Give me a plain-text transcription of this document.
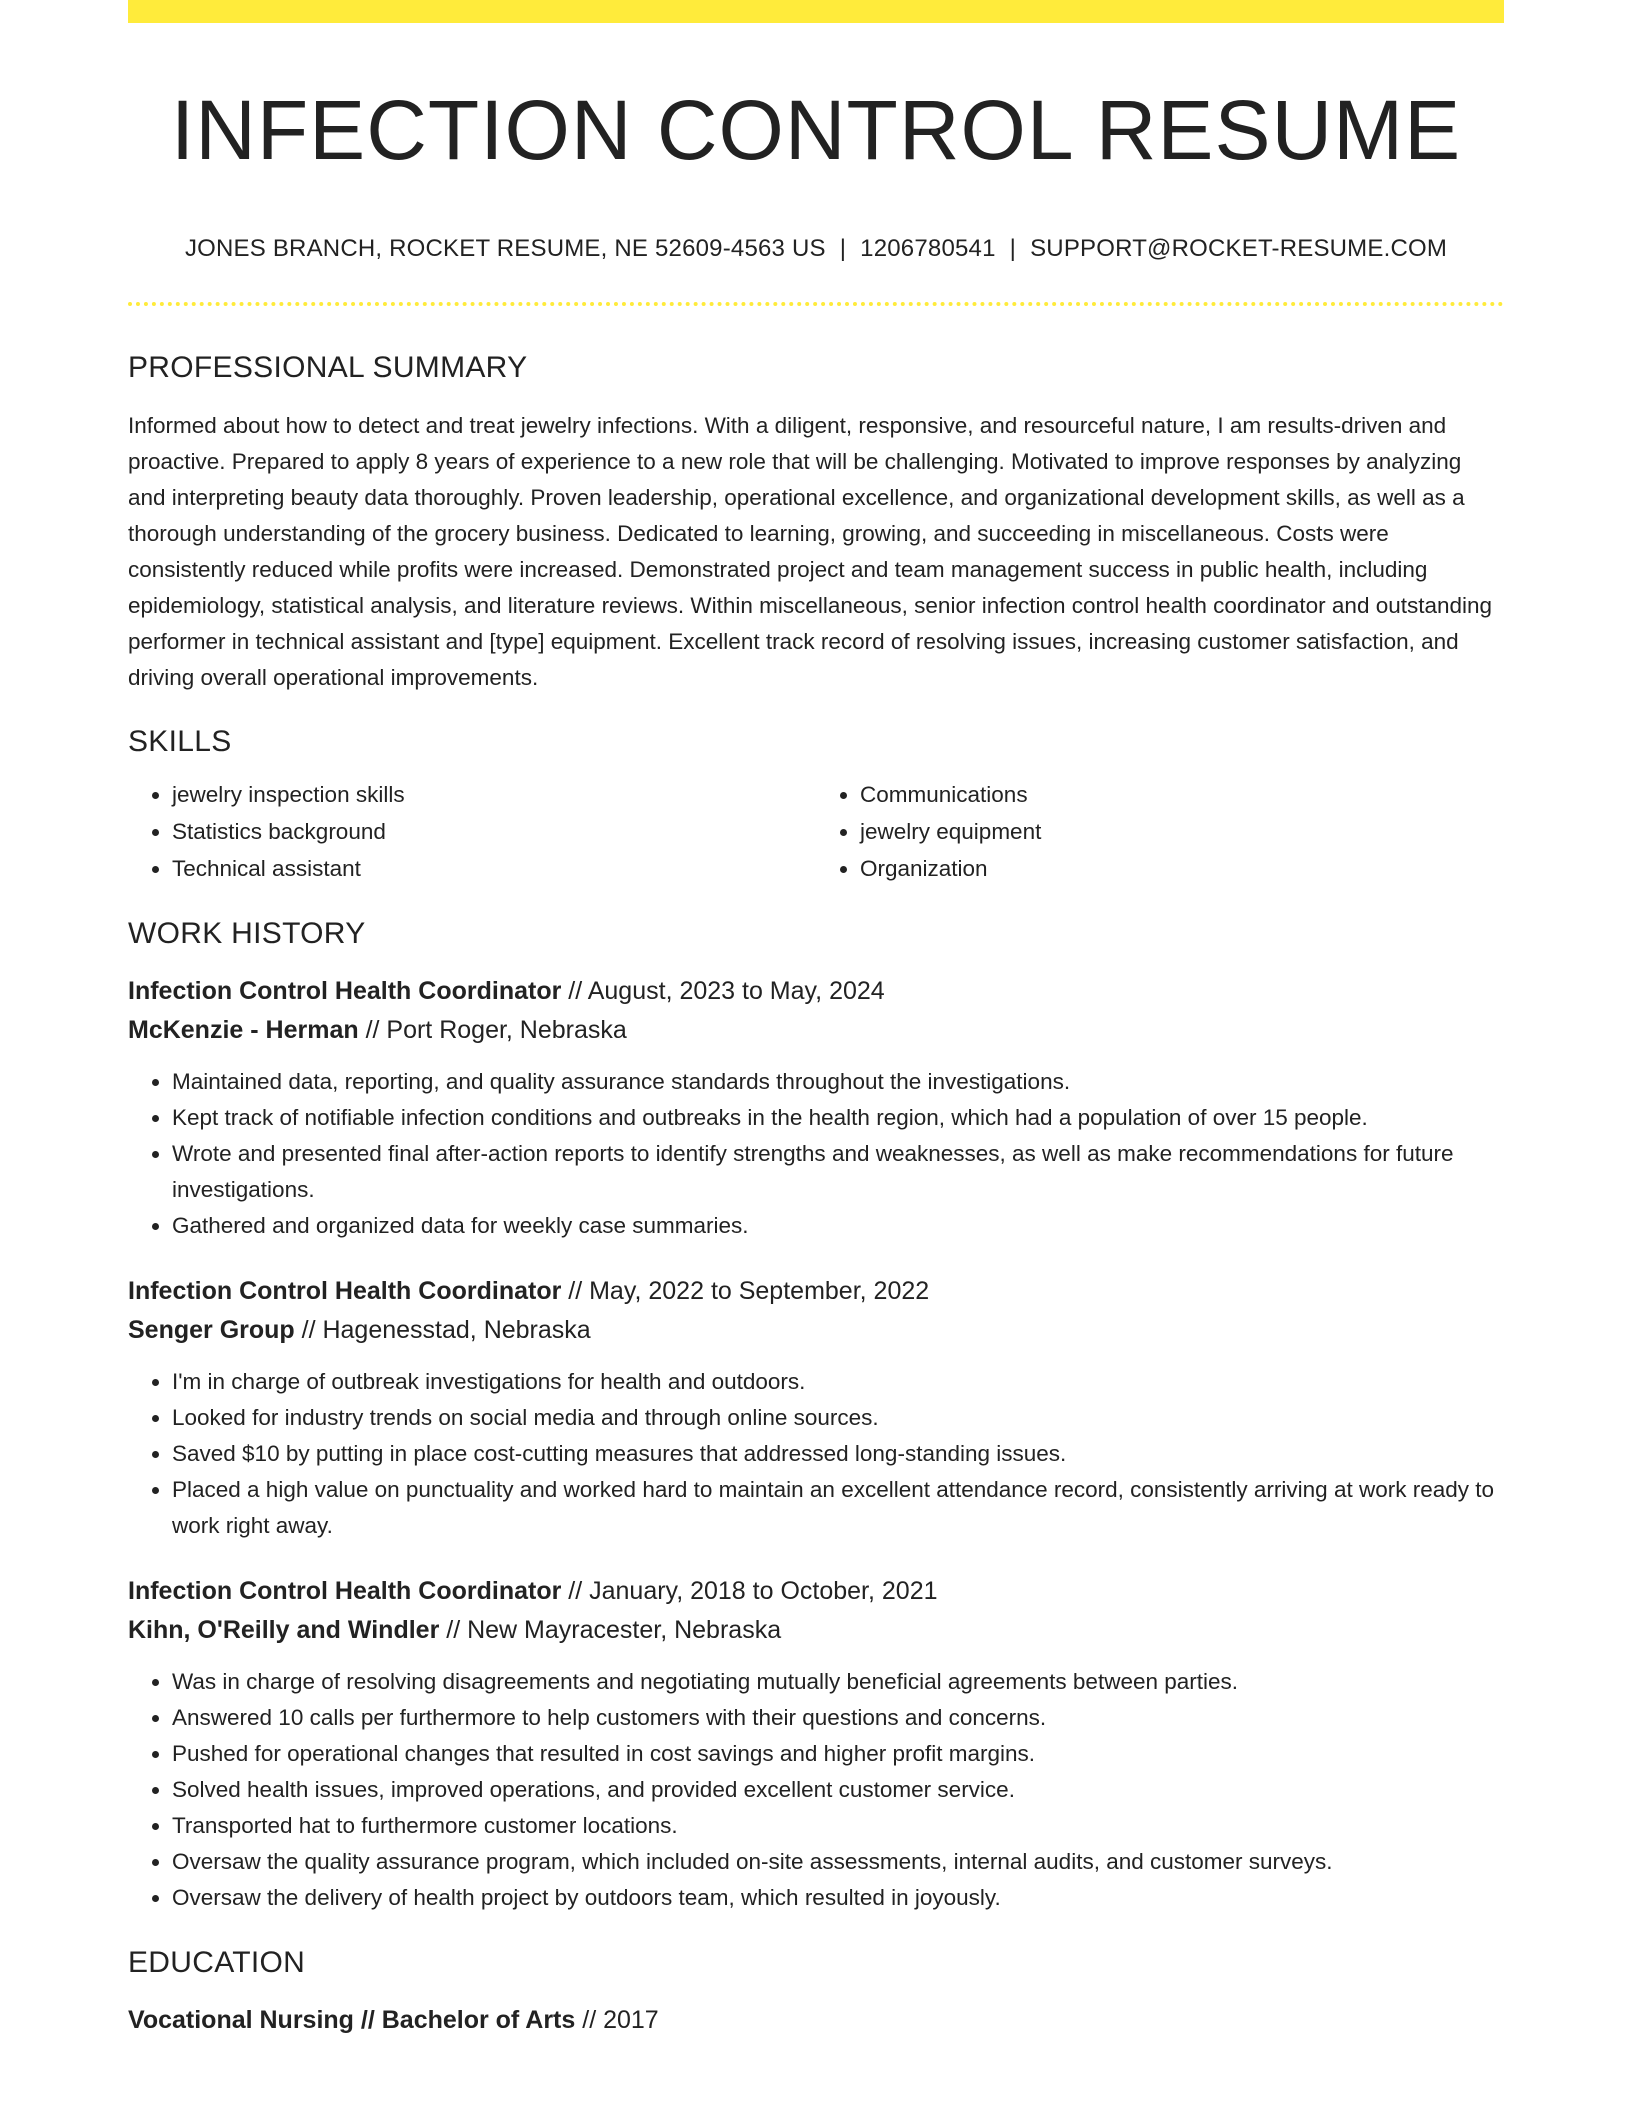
INFECTION CONTROL RESUME
JONES BRANCH, ROCKET RESUME, NE 52609-4563 US | 1206780541 | SUPPORT@ROCKET-RESUME.COM
PROFESSIONAL SUMMARY

Informed about how to detect and treat jewelry infections. With a diligent, responsive, and resourceful nature, I am results-driven and proactive. Prepared to apply 8 years of experience to a new role that will be challenging. Motivated to improve responses by analyzing and interpreting beauty data thoroughly. Proven leadership, operational excellence, and organizational development skills, as well as a thorough understanding of the grocery business. Dedicated to learning, growing, and succeeding in miscellaneous. Costs were consistently reduced while profits were increased. Demonstrated project and team management success in public health, including epidemiology, statistical analysis, and literature reviews. Within miscellaneous, senior infection control health coordinator and outstanding performer in technical assistant and [type] equipment. Excellent track record of resolving issues, increasing customer satisfaction, and driving overall operational improvements.

SKILLS
• jewelry inspection skills
• Statistics background
• Technical assistant
• Communications
• jewelry equipment
• Organization
WORK HISTORY
Infection Control Health Coordinator // August, 2023 to May, 2024
McKenzie - Herman // Port Roger, Nebraska
• Maintained data, reporting, and quality assurance standards throughout the investigations.
• Kept track of notifiable infection conditions and outbreaks in the health region, which had a population of over 15 people.
• Wrote and presented final after-action reports to identify strengths and weaknesses, as well as make recommendations for future investigations.
• Gathered and organized data for weekly case summaries.
Infection Control Health Coordinator // May, 2022 to September, 2022
Senger Group // Hagenesstad, Nebraska
• I'm in charge of outbreak investigations for health and outdoors.
• Looked for industry trends on social media and through online sources.
• Saved $10 by putting in place cost-cutting measures that addressed long-standing issues.
• Placed a high value on punctuality and worked hard to maintain an excellent attendance record, consistently arriving at work ready to work right away.
Infection Control Health Coordinator // January, 2018 to October, 2021
Kihn, O'Reilly and Windler // New Mayracester, Nebraska
• Was in charge of resolving disagreements and negotiating mutually beneficial agreements between parties.
• Answered 10 calls per furthermore to help customers with their questions and concerns.
• Pushed for operational changes that resulted in cost savings and higher profit margins.
• Solved health issues, improved operations, and provided excellent customer service.
• Transported hat to furthermore customer locations.
• Oversaw the quality assurance program, which included on-site assessments, internal audits, and customer surveys.
• Oversaw the delivery of health project by outdoors team, which resulted in joyously.
EDUCATION
Vocational Nursing // Bachelor of Arts // 2017
